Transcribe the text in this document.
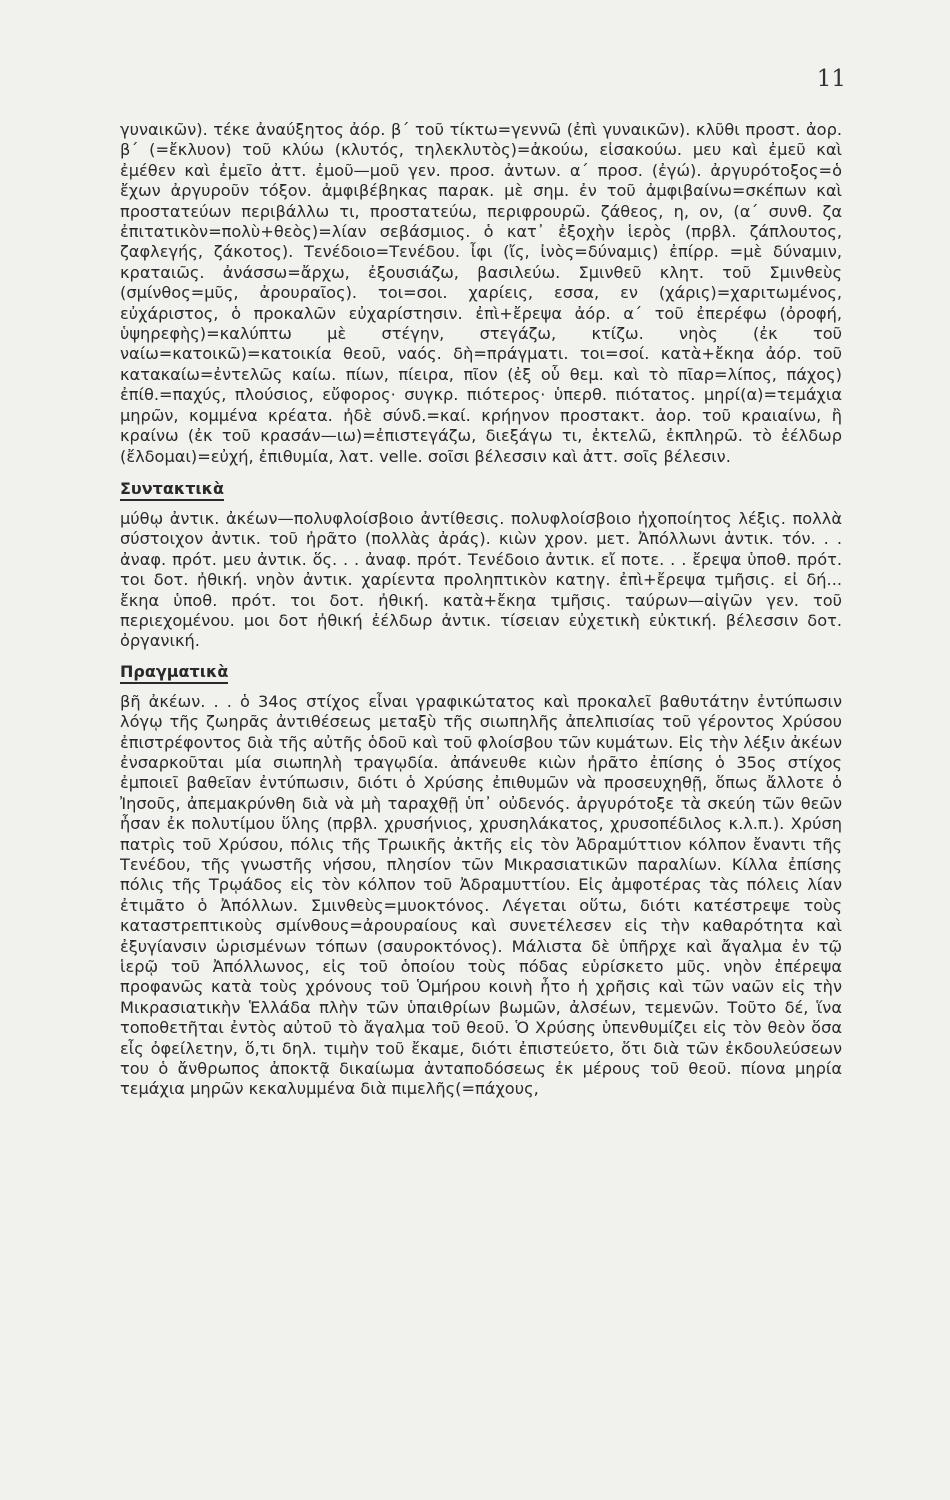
11

γυναικῶν). τέκε ἀναύξητος ἀόρ. β΄ τοῦ τίκτω=γεννῶ (ἐπὶ γυναικῶν). κλῦθι προστ. ἀορ. β΄ (=ἔκλυον) τοῦ κλύω (κλυτός, τηλεκλυτὸς)=ἀκούω, εἰσακούω. μευ καὶ ἐμεῦ καὶ ἐμέθεν καὶ ἐμεῖο ἀττ. ἐμοῦ—μοῦ γεν. προσ. ἀντων. α΄ προσ. (ἐγώ). ἀργυρότοξος=ὁ ἔχων ἀργυροῦν τόξον. ἀμφιβέβηκας παρακ. μὲ σημ. ἐν τοῦ ἀμφιβαίνω=σκέπων καὶ προστατεύων περιβάλλω τι, προστατεύω, περιφρουρῶ. ζάθεος, η, ον, (α΄ συνθ. ζα ἐπιτατικὸν=πολὺ+θεὸς)=λίαν σεβάσμιος. ὁ κατ᾽ ἐξοχὴν ἱερὸς (πρβλ. ζάπλουτος, ζαφλεγής, ζάκοτος). Τενέδοιο=Τενέδου. ἶφι (ἴς, ἰνὸς=δύναμις) ἐπίρρ. =μὲ δύναμιν, κραταιῶς. ἀνάσσω=ἄρχω, ἐξουσιάζω, βασιλεύω. Σμινθεῦ κλητ. τοῦ Σμινθεὺς (σμίνθος=μῦς, ἀρουραῖος). τοι=σοι. χαρίεις, εσσα, εν (χάρις)=χαριτωμένος, εὐχάριστος, ὁ προκαλῶν εὐχαρίστησιν. ἐπὶ+ἔρεψα ἀόρ. α΄ τοῦ ἐπερέφω (ὀροφή, ὑψηρεφὴς)=καλύπτω μὲ στέγην, στεγάζω, κτίζω. νηὸς (ἐκ τοῦ ναίω=κατοικῶ)=κατοικία θεοῦ, ναός. δὴ=πράγματι. τοι=σοί. κατὰ+ἔκηα ἀόρ. τοῦ κατακαίω=ἐντελῶς καίω. πίων, πίειρα, πῖον (ἐξ οὗ θεμ. καὶ τὸ πῖαρ=λίπος, πάχος) ἐπίθ.=παχύς, πλούσιος, εὔφορος· συγκρ. πιότερος· ὑπερθ. πιότατος. μηρί(α)=τεμάχια μηρῶν, κομμένα κρέατα. ἠδὲ σύνδ.=καί. κρήηνον προστακτ. ἀορ. τοῦ κραιαίνω, ἢ κραίνω (ἐκ τοῦ κρασάν—ιω)=ἐπιστεγάζω, διεξάγω τι, ἐκτελῶ, ἐκπληρῶ. τὸ ἐέλδωρ (ἔλδομαι)=εὐχή, ἐπιθυμία, λατ. velle. σοῖσι βέλεσσιν καὶ ἀττ. σοῖς βέλεσιν.

Συντακτικὰ

μύθῳ ἀντικ. ἀκέων—πολυφλοίσβοιο ἀντίθεσις. πολυφλοίσβοιο ἠχοποίητος λέξις. πολλὰ σύστοιχον ἀντικ. τοῦ ἠρᾶτο (πολλὰς ἀράς). κιὼν χρον. μετ. Ἀπόλλωνι ἀντικ. τόν. . . ἀναφ. πρότ. μευ ἀντικ. ὅς. . . ἀναφ. πρότ. Τενέδοιο ἀντικ. εἴ ποτε. . . ἔρεψα ὑποθ. πρότ. τοι δοτ. ἠθική. νηὸν ἀντικ. χαρίεντα προληπτικὸν κατηγ. ἐπὶ+ἔρεψα τμῆσις. εἰ δή... ἔκηα ὑποθ. πρότ. τοι δοτ. ἠθική. κατὰ+ἔκηα τμῆσις. ταύρων—αἰγῶν γεν. τοῦ περιεχομένου. μοι δοτ ἠθική ἐέλδωρ ἀντικ. τίσειαν εὐχετικὴ εὐκτική. βέλεσσιν δοτ. ὀργανική.

Πραγματικὰ

βῆ ἀκέων. . . ὁ 34ος στίχος εἶναι γραφικώτατος καὶ προκαλεῖ βαθυτάτην ἐντύπωσιν λόγῳ τῆς ζωηρᾶς ἀντιθέσεως μεταξὺ τῆς σιωπηλῆς ἀπελπισίας τοῦ γέροντος Χρύσου ἐπιστρέφοντος διὰ τῆς αὐτῆς ὁδοῦ καὶ τοῦ φλοίσβου τῶν κυμάτων. Εἰς τὴν λέξιν ἀκέων ἐνσαρκοῦται μία σιωπηλὴ τραγῳδία. ἀπάνευθε κιὼν ἠρᾶτο ἐπίσης ὁ 35ος στίχος ἐμποιεῖ βαθεῖαν ἐντύπωσιν, διότι ὁ Χρύσης ἐπιθυμῶν νὰ προσευχηθῇ, ὅπως ἄλλοτε ὁ Ἰησοῦς, ἀπεμακρύνθη διὰ νὰ μὴ ταραχθῇ ὑπ᾽ οὐδενός. ἀργυρότοξε τὰ σκεύη τῶν θεῶν ἦσαν ἐκ πολυτίμου ὕλης (πρβλ. χρυσήνιος, χρυσηλάκατος, χρυσοπέδιλος κ.λ.π.). Χρύση πατρὶς τοῦ Χρύσου, πόλις τῆς Τρωικῆς ἀκτῆς εἰς τὸν Ἀδραμύττιον κόλπον ἔναντι τῆς Τενέδου, τῆς γνωστῆς νήσου, πλησίον τῶν Μικρασιατικῶν παραλίων. Κίλλα ἐπίσης πόλις τῆς Τρῳάδος εἰς τὸν κόλπον τοῦ Ἀδραμυττίου. Εἰς ἀμφοτέρας τὰς πόλεις λίαν ἐτιμᾶτο ὁ Ἀπόλλων. Σμινθεὺς=μυοκτόνος. Λέγεται οὕτω, διότι κατέστρεψε τοὺς καταστρεπτικοὺς σμίνθους=ἀρουραίους καὶ συνετέλεσεν εἰς τὴν καθαρότητα καὶ ἐξυγίανσιν ὡρισμένων τόπων (σαυροκτόνος). Μάλιστα δὲ ὑπῆρχε καὶ ἄγαλμα ἐν τῷ ἱερῷ τοῦ Ἀπόλλωνος, εἰς τοῦ ὁποίου τοὺς πόδας εὑρίσκετο μῦς. νηὸν ἐπέρεψα προφανῶς κατὰ τοὺς χρόνους τοῦ Ὁμήρου κοινὴ ἦτο ἡ χρῆσις καὶ τῶν ναῶν εἰς τὴν Μικρασιατικὴν Ἑλλάδα πλὴν τῶν ὑπαιθρίων βωμῶν, ἀλσέων, τεμενῶν. Τοῦτο δέ, ἵνα τοποθετῆται ἐντὸς αὐτοῦ τὸ ἄγαλμα τοῦ θεοῦ. Ὁ Χρύσης ὑπενθυμίζει εἰς τὸν θεὸν ὅσα εἶς ὀφείλετην, ὅ,τι δηλ. τιμὴν τοῦ ἔκαμε, διότι ἐπιστεύετο, ὅτι διὰ τῶν ἐκδουλεύσεων του ὁ ἄνθρωπος ἀποκτᾷ δικαίωμα ἀνταποδόσεως ἐκ μέρους τοῦ θεοῦ. πίονα μηρία τεμάχια μηρῶν κεκαλυμμένα διὰ πιμελῆς(=πάχους,
